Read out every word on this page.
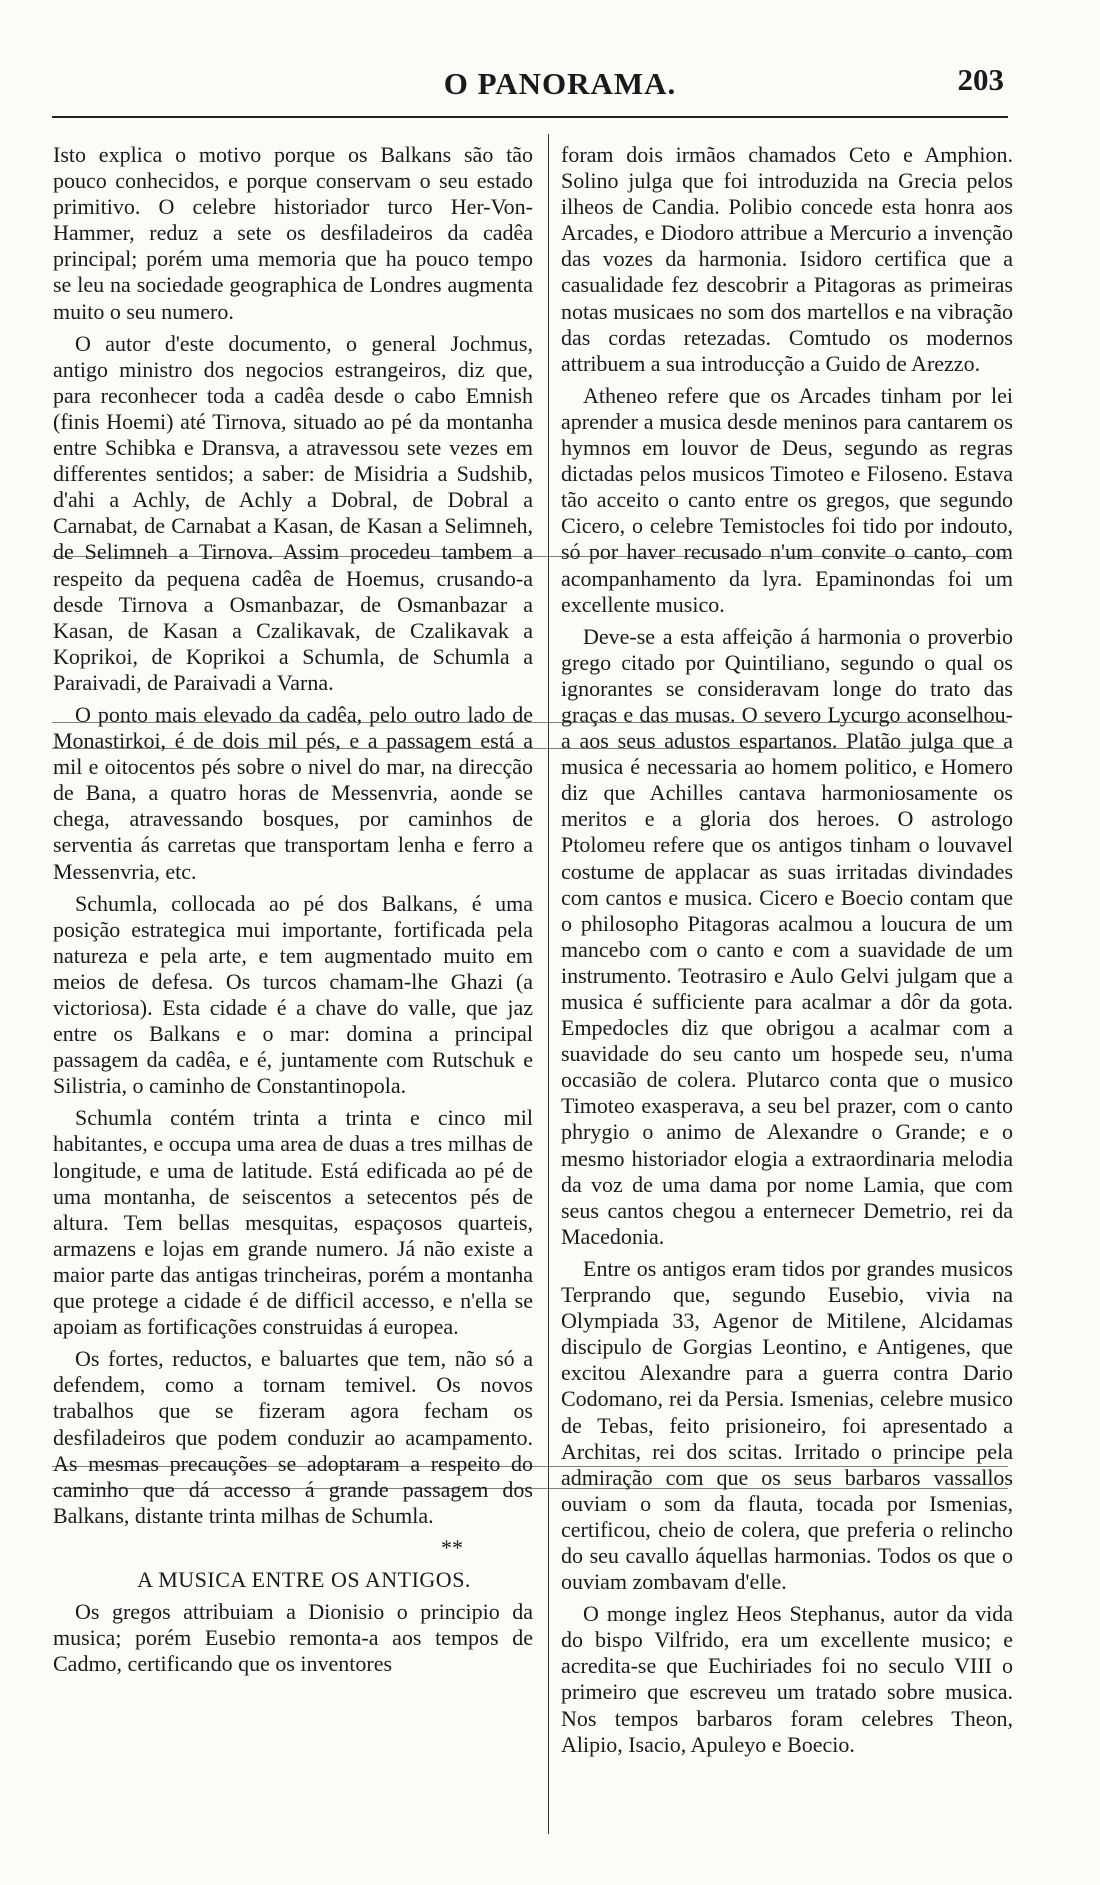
O PANORAMA.	203

Isto explica o motivo porque os Balkans são tão pouco conhecidos, e porque conservam o seu estado primitivo. O celebre historiador turco Her-Von-Hammer, reduz a sete os desfiladeiros da cadêa principal; porém uma memoria que ha pouco tempo se leu na sociedade geographica de Londres augmenta muito o seu numero.

O autor d'este documento, o general Jochmus, antigo ministro dos negocios estrangeiros, diz que, para reconhecer toda a cadêa desde o cabo Emnish (finis Hoemi) até Tirnova, situado ao pé da montanha entre Schibka e Dransva, a atravessou sete vezes em differentes sentidos; a saber: de Misidria a Sudshib, d'ahi a Achly, de Achly a Dobral, de Dobral a Carnabat, de Carnabat a Kasan, de Kasan a Selimneh, de Selimneh a Tirnova. Assim procedeu tambem a respeito da pequena cadêa de Hoemus, crusando-a desde Tirnova a Osmanbazar, de Osmanbazar a Kasan, de Kasan a Czalikavak, de Czalikavak a Koprikoi, de Koprikoi a Schumla, de Schumla a Paraivadi, de Paraivadi a Varna.

O ponto mais elevado da cadêa, pelo outro lado de Monastirkoi, é de dois mil pés, e a passagem está a mil e oitocentos pés sobre o nivel do mar, na direcção de Bana, a quatro horas de Messenvria, aonde se chega, atravessando bosques, por caminhos de serventia ás carretas que transportam lenha e ferro a Messenvria, etc.

Schumla, collocada ao pé dos Balkans, é uma posição estrategica mui importante, fortificada pela natureza e pela arte, e tem augmentado muito em meios de defesa. Os turcos chamam-lhe Ghazi (a victoriosa). Esta cidade é a chave do valle, que jaz entre os Balkans e o mar: domina a principal passagem da cadêa, e é, juntamente com Rutschuk e Silistria, o caminho de Constantinopola.

Schumla contém trinta a trinta e cinco mil habitantes, e occupa uma area de duas a tres milhas de longitude, e uma de latitude. Está edificada ao pé de uma montanha, de seiscentos a setecentos pés de altura. Tem bellas mesquitas, espaçosos quarteis, armazens e lojas em grande numero. Já não existe a maior parte das antigas trincheiras, porém a montanha que protege a cidade é de difficil accesso, e n'ella se apoiam as fortificações construidas á europea.

Os fortes, reductos, e baluartes que tem, não só a defendem, como a tornam temivel. Os novos trabalhos que se fizeram agora fecham os desfiladeiros que podem conduzir ao acampamento. As mesmas precauções se adoptaram a respeito do caminho que dá accesso á grande passagem dos Balkans, distante trinta milhas de Schumla.

**

A MUSICA ENTRE OS ANTIGOS.

Os gregos attribuiam a Dionisio o principio da musica; porém Eusebio remonta-a aos tempos de Cadmo, certificando que os inventores

foram dois irmãos chamados Ceto e Amphion. Solino julga que foi introduzida na Grecia pelos ilheos de Candia. Polibio concede esta honra aos Arcades, e Diodoro attribue a Mercurio a invenção das vozes da harmonia. Isidoro certifica que a casualidade fez descobrir a Pitagoras as primeiras notas musicaes no som dos martellos e na vibração das cordas retezadas. Comtudo os modernos attribuem a sua introducção a Guido de Arezzo.

Atheneo refere que os Arcades tinham por lei aprender a musica desde meninos para cantarem os hymnos em louvor de Deus, segundo as regras dictadas pelos musicos Timoteo e Filoseno. Estava tão acceito o canto entre os gregos, que segundo Cicero, o celebre Temistocles foi tido por indouto, só por haver recusado n'um convite o canto, com acompanhamento da lyra. Epaminondas foi um excellente musico.

Deve-se a esta affeição á harmonia o proverbio grego citado por Quintiliano, segundo o qual os ignorantes se consideravam longe do trato das graças e das musas. O severo Lycurgo aconselhou-a aos seus adustos espartanos. Platão julga que a musica é necessaria ao homem politico, e Homero diz que Achilles cantava harmoniosamente os meritos e a gloria dos heroes. O astrologo Ptolomeu refere que os antigos tinham o louvavel costume de applacar as suas irritadas divindades com cantos e musica. Cicero e Boecio contam que o philosopho Pitagoras acalmou a loucura de um mancebo com o canto e com a suavidade de um instrumento. Teotrasiro e Aulo Gelvi julgam que a musica é sufficiente para acalmar a dôr da gota. Empedocles diz que obrigou a acalmar com a suavidade do seu canto um hospede seu, n'uma occasião de colera. Plutarco conta que o musico Timoteo exasperava, a seu bel prazer, com o canto phrygio o animo de Alexandre o Grande; e o mesmo historiador elogia a extraordinaria melodia da voz de uma dama por nome Lamia, que com seus cantos chegou a enternecer Demetrio, rei da Macedonia.

Entre os antigos eram tidos por grandes musicos Terprando que, segundo Eusebio, vivia na Olympiada 33, Agenor de Mitilene, Alcidamas discipulo de Gorgias Leontino, e Antigenes, que excitou Alexandre para a guerra contra Dario Codomano, rei da Persia. Ismenias, celebre musico de Tebas, feito prisioneiro, foi apresentado a Architas, rei dos scitas. Irritado o principe pela admiração com que os seus barbaros vassallos ouviam o som da flauta, tocada por Ismenias, certificou, cheio de colera, que preferia o relincho do seu cavallo áquellas harmonias. Todos os que o ouviam zombavam d'elle.

O monge inglez Heos Stephanus, autor da vida do bispo Vilfrido, era um excellente musico; e acredita-se que Euchiriades foi no seculo VIII o primeiro que escreveu um tratado sobre musica. Nos tempos barbaros foram celebres Theon, Alipio, Isacio, Apuleyo e Boecio.
